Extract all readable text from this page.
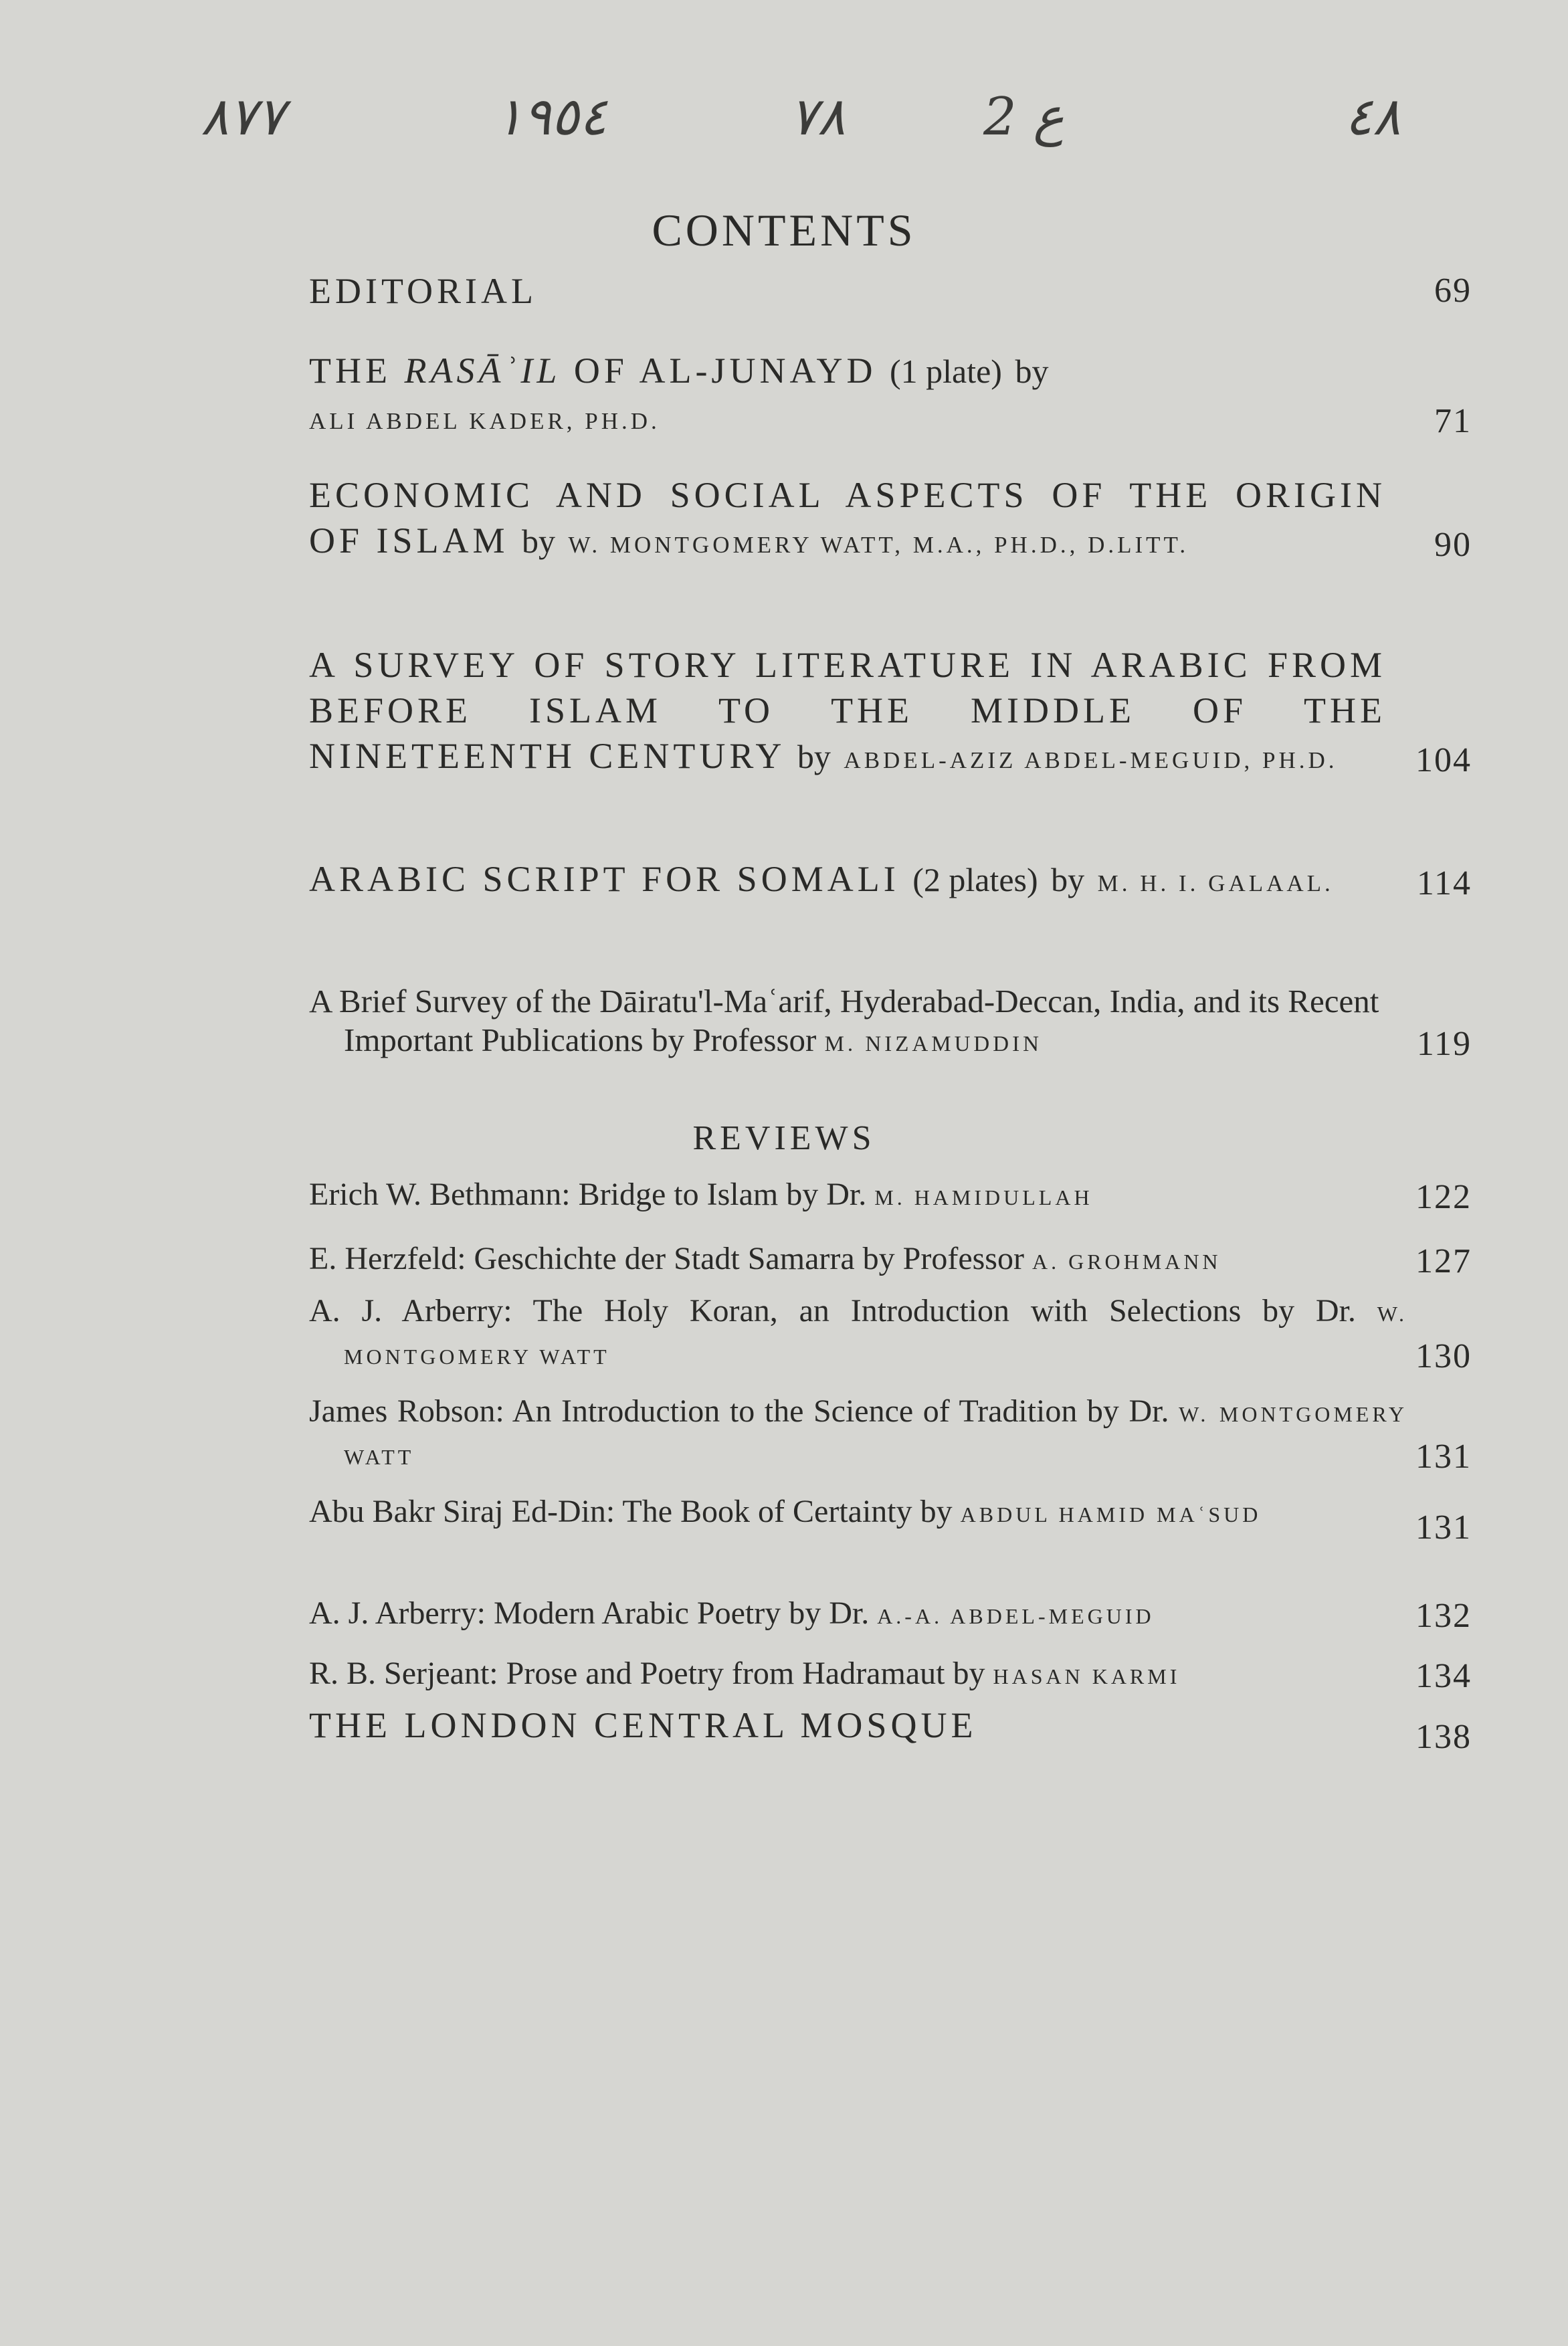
٨٧٧	١٩٥٤	٧٨	ع 2	٤٨
CONTENTS
EDITORIAL	69
THE RASĀʾIL OF AL-JUNAYD (1 plate) by ALI ABDEL KADER, PH.D.	71
ECONOMIC AND SOCIAL ASPECTS OF THE ORIGIN OF ISLAM by W. MONTGOMERY WATT, M.A., PH.D., D.LITT.	90
A SURVEY OF STORY LITERATURE IN ARABIC FROM BEFORE ISLAM TO THE MIDDLE OF THE NINETEENTH CENTURY by ABDEL-AZIZ ABDEL-MEGUID, PH.D.	104
ARABIC SCRIPT FOR SOMALI (2 plates) by M. H. I. GALAAL.	114
A Brief Survey of the Dāiratu'l-Maʿarif, Hyderabad-Deccan, India, and its Recent Important Publications by Professor M. NIZAMUDDIN	119
REVIEWS
Erich W. Bethmann: Bridge to Islam by Dr. M. HAMIDULLAH	122
E. Herzfeld: Geschichte der Stadt Samarra by Professor A. GROHMANN	127
A. J. Arberry: The Holy Koran, an Introduction with Selections by Dr. W. MONTGOMERY WATT	130
James Robson: An Introduction to the Science of Tradition by Dr. W. MONTGOMERY WATT	131
Abu Bakr Siraj Ed-Din: The Book of Certainty by ABDUL HAMID MAʿSUD	131
A. J. Arberry: Modern Arabic Poetry by Dr. A.-A. ABDEL-MEGUID	132
R. B. Serjeant: Prose and Poetry from Hadramaut by HASAN KARMI	134
THE LONDON CENTRAL MOSQUE	138
